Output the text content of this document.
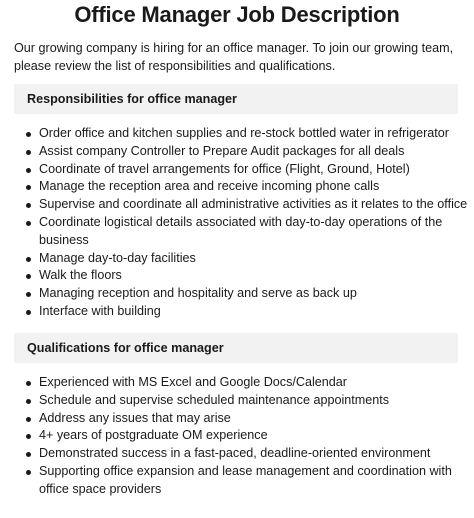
Office Manager Job Description

Our growing company is hiring for an office manager. To join our growing team, please review the list of responsibilities and qualifications.

Responsibilities for office manager
Order office and kitchen supplies and re-stock bottled water in refrigerator
Assist company Controller to Prepare Audit packages for all deals
Coordinate of travel arrangements for office (Flight, Ground, Hotel)
Manage the reception area and receive incoming phone calls
Supervise and coordinate all administrative activities as it relates to the office
Coordinate logistical details associated with day-to-day operations of the business
Manage day-to-day facilities
Walk the floors
Managing reception and hospitality and serve as back up
Interface with building
Qualifications for office manager
Experienced with MS Excel and Google Docs/Calendar
Schedule and supervise scheduled maintenance appointments
Address any issues that may arise
4+ years of postgraduate OM experience
Demonstrated success in a fast-paced, deadline-oriented environment
Supporting office expansion and lease management and coordination with office space providers
